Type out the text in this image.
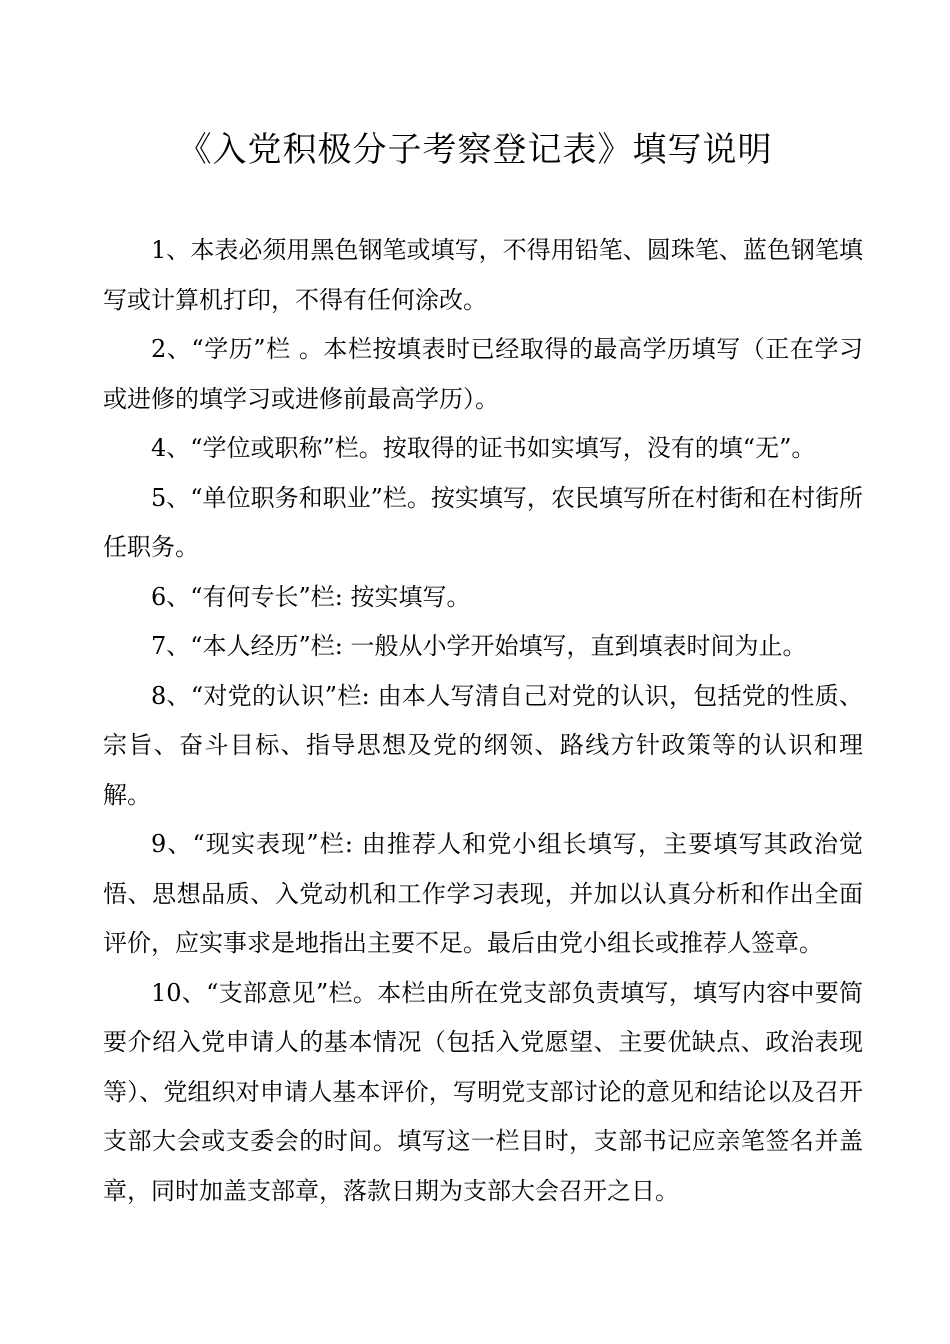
《入党积极分子考察登记表》填写说明

1、本表必须用黑色钢笔或填写，不得用铅笔、圆珠笔、蓝色钢笔填写或计算机打印，不得有任何涂改。

2、“学历”栏 。本栏按填表时已经取得的最高学历填写（正在学习或进修的填学习或进修前最高学历）。

4、“学位或职称”栏。按取得的证书如实填写，没有的填“无”。

5、“单位职务和职业”栏。按实填写，农民填写所在村街和在村街所任职务。

6、“有何专长”栏: 按实填写。

7、“本人经历”栏: 一般从小学开始填写，直到填表时间为止。

8、“对党的认识”栏: 由本人写清自己对党的认识，包括党的性质、宗旨、奋斗目标、指导思想及党的纲领、路线方针政策等的认识和理解。

9、“现实表现”栏: 由推荐人和党小组长填写，主要填写其政治觉悟、思想品质、入党动机和工作学习表现，并加以认真分析和作出全面评价，应实事求是地指出主要不足。最后由党小组长或推荐人签章。

10、“支部意见”栏。本栏由所在党支部负责填写，填写内容中要简要介绍入党申请人的基本情况（包括入党愿望、主要优缺点、政治表现等）、党组织对申请人基本评价，写明党支部讨论的意见和结论以及召开支部大会或支委会的时间。填写这一栏目时，支部书记应亲笔签名并盖章，同时加盖支部章，落款日期为支部大会召开之日。
